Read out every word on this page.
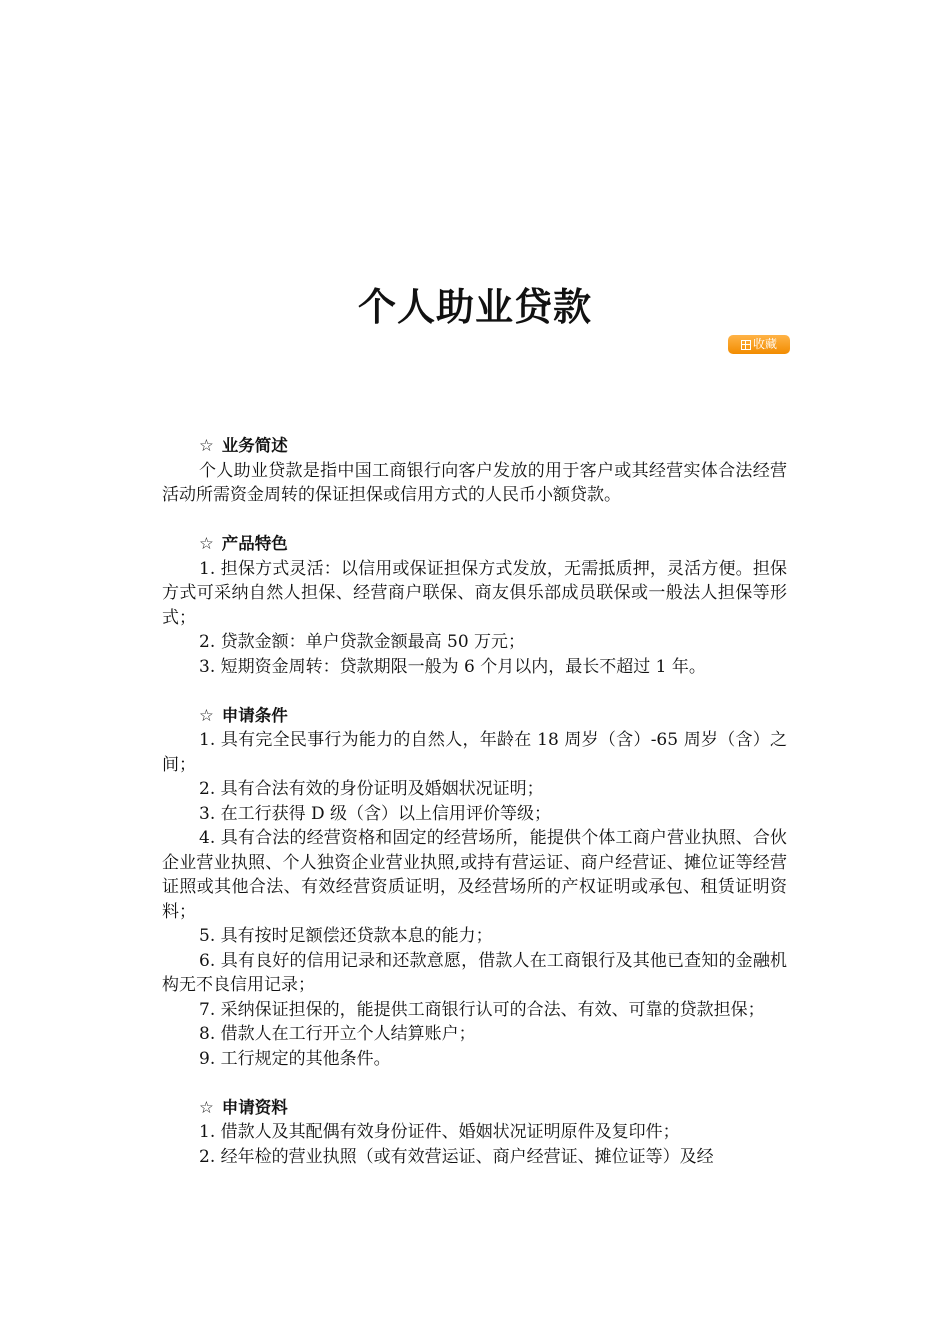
个人助业贷款
收藏

☆ 业务简述

个人助业贷款是指中国工商银行向客户发放的用于客户或其经营实体合法经营活动所需资金周转的保证担保或信用方式的人民币小额贷款。

☆ 产品特色

1. 担保方式灵活：以信用或保证担保方式发放，无需抵质押，灵活方便。担保方式可采纳自然人担保、经营商户联保、商友俱乐部成员联保或一般法人担保等形式；

2. 贷款金额：单户贷款金额最高 50 万元；

3. 短期资金周转：贷款期限一般为 6 个月以内，最长不超过 1 年。

☆ 申请条件

1. 具有完全民事行为能力的自然人，年龄在 18 周岁（含）-65 周岁（含）之间；

2. 具有合法有效的身份证明及婚姻状况证明；

3. 在工行获得 D 级（含）以上信用评价等级；

4. 具有合法的经营资格和固定的经营场所，能提供个体工商户营业执照、合伙企业营业执照、个人独资企业营业执照,或持有营运证、商户经营证、摊位证等经营证照或其他合法、有效经营资质证明，及经营场所的产权证明或承包、租赁证明资料；

5. 具有按时足额偿还贷款本息的能力；

6. 具有良好的信用记录和还款意愿，借款人在工商银行及其他已查知的金融机构无不良信用记录；

7. 采纳保证担保的，能提供工商银行认可的合法、有效、可靠的贷款担保；

8. 借款人在工行开立个人结算账户；

9. 工行规定的其他条件。

☆ 申请资料

1. 借款人及其配偶有效身份证件、婚姻状况证明原件及复印件；

2. 经年检的营业执照（或有效营运证、商户经营证、摊位证等）及经
